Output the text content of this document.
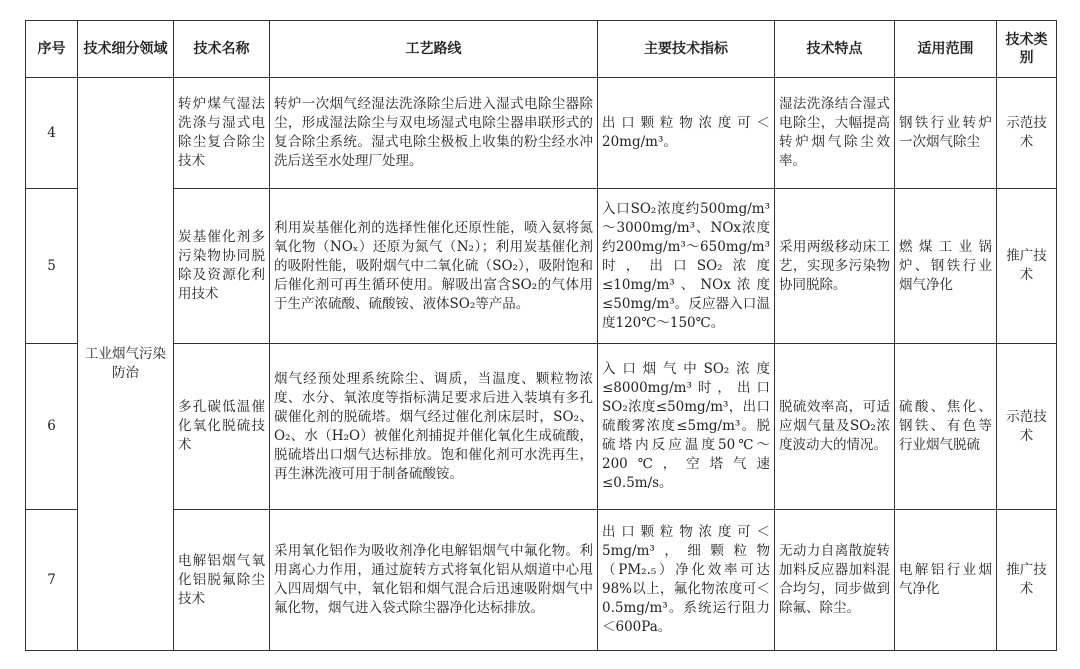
序号	技术细分领域	技术名称	工艺路线	主要技术指标	技术特点	适用范围	技术类别
4	工业烟气污染防治	转炉煤气湿法洗涤与湿式电除尘复合除尘技术	转炉一次烟气经湿法洗涤除尘后进入湿式电除尘器除尘，形成湿法除尘与双电场湿式电除尘器串联形式的复合除尘系统。湿式电除尘极板上收集的粉尘经水冲洗后送至水处理厂处理。	出口颗粒物浓度可＜20mg/m³。	湿法洗涤结合湿式电除尘，大幅提高转炉烟气除尘效率。	钢铁行业转炉一次烟气除尘	示范技术
5		炭基催化剂多污染物协同脱除及资源化利用技术	利用炭基催化剂的选择性催化还原性能，喷入氨将氮氧化物（NOₓ）还原为氮气（N₂）；利用炭基催化剂的吸附性能，吸附烟气中二氧化硫（SO₂），吸附饱和后催化剂可再生循环使用。解吸出富含SO₂的气体用于生产浓硫酸、硫酸铵、液体SO₂等产品。	入口SO₂浓度约500mg/m³～3000mg/m³、NOx浓度约200mg/m³～650mg/m³时，出口SO₂浓度≤10mg/m³、NOx浓度≤50mg/m³。反应器入口温度120℃～150℃。	采用两级移动床工艺，实现多污染物协同脱除。	燃煤工业锅炉、钢铁行业烟气净化	推广技术
6		多孔碳低温催化氧化脱硫技术	烟气经预处理系统除尘、调质，当温度、颗粒物浓度、水分、氧浓度等指标满足要求后进入装填有多孔碳催化剂的脱硫塔。烟气经过催化剂床层时，SO₂、O₂、水（H₂O）被催化剂捕捉并催化氧化生成硫酸，脱硫塔出口烟气达标排放。饱和催化剂可水洗再生，再生淋洗液可用于制备硫酸铵。	入口烟气中SO₂浓度≤8000mg/m³时，出口SO₂浓度≤50mg/m³，出口硫酸雾浓度≤5mg/m³。脱硫塔内反应温度50℃～200℃，空塔气速≤0.5m/s。	脱硫效率高，可适应烟气量及SO₂浓度波动大的情况。	硫酸、焦化、钢铁、有色等行业烟气脱硫	示范技术
7		电解铝烟气氧化铝脱氟除尘技术	采用氧化铝作为吸收剂净化电解铝烟气中氟化物。利用离心力作用，通过旋转方式将氧化铝从烟道中心甩入四周烟气中，氧化铝和烟气混合后迅速吸附烟气中氟化物，烟气进入袋式除尘器净化达标排放。	出口颗粒物浓度可＜5mg/m³，细颗粒物（PM₂.₅）净化效率可达98%以上，氟化物浓度可＜0.5mg/m³。系统运行阻力＜600Pa。	无动力自离散旋转加料反应器加料混合均匀，同步做到除氟、除尘。	电解铝行业烟气净化	推广技术
